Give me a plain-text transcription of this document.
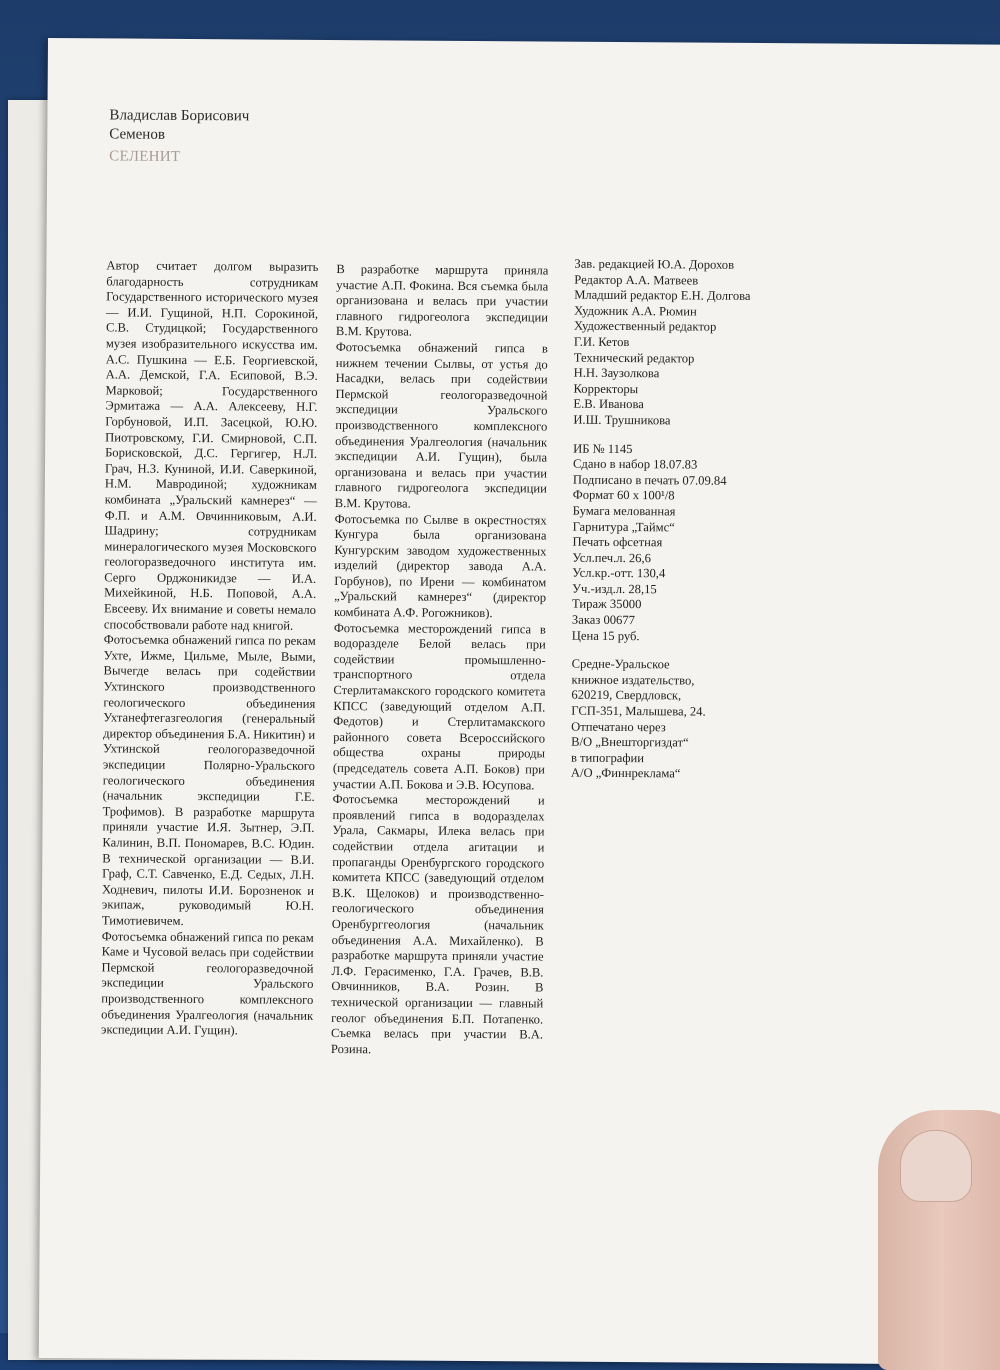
Владислав Борисович
Семенов
СЕЛЕНИТ

Автор считает долгом выразить благодарность сотрудникам Государственного исторического музея — И.И. Гущиной, Н.П. Сорокиной, С.В. Студицкой; Государственного музея изобразительного искусства им. А.С. Пушкина — Е.Б. Георгиевской, А.А. Демской, Г.А. Есиповой, В.Э. Марковой; Государственного Эрмитажа — А.А. Алексееву, Н.Г. Горбуновой, И.П. Засецкой, Ю.Ю. Пиотровскому, Г.И. Смирновой, С.П. Борисковской, Д.С. Гергигер, Н.Л. Грач, Н.З. Куниной, И.И. Саверкиной, Н.М. Мавродиной; художникам комбината „Уральский камнерез“ — Ф.П. и А.М. Овчинниковым, А.И. Шадрину; сотрудникам минералогического музея Московского геологоразведочного института им. Серго Орджоникидзе — И.А. Михейкиной, Н.Б. Поповой, А.А. Евсееву. Их внимание и советы немало способствовали работе над книгой.

Фотосъемка обнажений гипса по рекам Ухте, Ижме, Цильме, Мыле, Выми, Вычегде велась при содействии Ухтинского производственного геологического объединения Ухтанефтегазгеология (генеральный директор объединения Б.А. Никитин) и Ухтинской геологоразведочной экспедиции Полярно-Уральского геологического объединения (начальник экспедиции Г.Е. Трофимов). В разработке маршрута приняли участие И.Я. Зытнер, Э.П. Калинин, В.П. Пономарев, В.С. Юдин. В технической организации — В.И. Граф, С.Т. Савченко, Е.Д. Седых, Л.Н. Ходневич, пилоты И.И. Борозненок и экипаж, руководимый Ю.Н. Тимотиевичем.

Фотосъемка обнажений гипса по рекам Каме и Чусовой велась при содействии Пермской геологоразведочной экспедиции Уральского производственного комплексного объединения Уралгеология (начальник экспедиции А.И. Гущин).

В разработке маршрута приняла участие А.П. Фокина. Вся съемка была организована и велась при участии главного гидрогеолога экспедиции В.М. Крутова.

Фотосъемка обнажений гипса в нижнем течении Сылвы, от устья до Насадки, велась при содействии Пермской геологоразведочной экспедиции Уральского производственного комплексного объединения Уралгеология (начальник экспедиции А.И. Гущин), была организована и велась при участии главного гидрогеолога экспедиции В.М. Крутова.

Фотосъемка по Сылве в окрестностях Кунгура была организована Кунгурским заводом художественных изделий (директор завода А.А. Горбунов), по Ирени — комбинатом „Уральский камнерез“ (директор комбината А.Ф. Рогожников).

Фотосъемка месторождений гипса в водоразделе Белой велась при содействии промышленно-транспортного отдела Стерлитамакского городского комитета КПСС (заведующий отделом А.П. Федотов) и Стерлитамакского районного совета Всероссийского общества охраны природы (председатель совета А.П. Боков) при участии А.П. Бокова и Э.В. Юсупова.

Фотосъемка месторождений и проявлений гипса в водоразделах Урала, Сакмары, Илека велась при содействии отдела агитации и пропаганды Оренбургского городского комитета КПСС (заведующий отделом В.К. Щелоков) и производственно-геологического объединения Оренбурггеология (начальник объединения А.А. Михайленко). В разработке маршрута приняли участие Л.Ф. Герасименко, Г.А. Грачев, В.В. Овчинников, В.А. Розин. В технической организации — главный геолог объединения Б.П. Потапенко. Съемка велась при участии В.А. Розина.

Зав. редакцией Ю.А. Дорохов
Редактор А.А. Матвеев
Младший редактор Е.Н. Долгова
Художник А.А. Рюмин
Художественный редактор
Г.И. Кетов
Технический редактор
Н.Н. Заузолкова
Корректоры
Е.В. Иванова
И.Ш. Трушникова
ИБ № 1145
Сдано в набор 18.07.83
Подписано в печать 07.09.84
Формат 60 x 100¹/8
Бумага мелованная
Гарнитура „Таймс“
Печать офсетная
Усл.печ.л. 26,6
Усл.кр.-отт. 130,4
Уч.-изд.л. 28,15
Тираж 35000
Заказ 00677
Цена 15 руб.
Средне-Уральское
книжное издательство,
620219, Свердловск,
ГСП-351, Малышева, 24.
Отпечатано через
В/О „Внешторгиздат“
в типографии
А/О „Финнреклама“
